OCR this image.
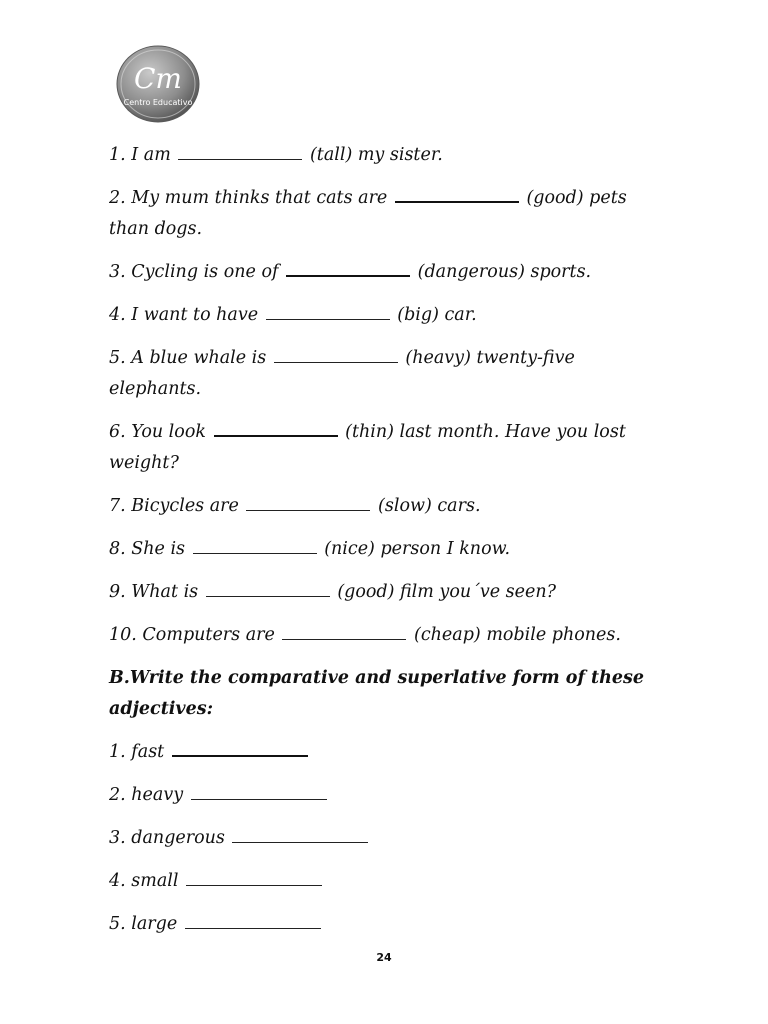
Cm
Centro Educativo
1. I am	(tall) my sister.
2. My mum thinks that cats are	(good) pets than dogs.
3. Cycling is one of	(dangerous) sports.
4. I want to have	(big) car.
5. A blue whale is	(heavy) twenty-five elephants.
6. You look	(thin) last month. Have you lost weight?
7. Bicycles are	(slow) cars.
8. She is	(nice) person I know.
9. What is	(good) film you´ve seen?
10. Computers are	(cheap) mobile phones.
B.Write the comparative and superlative form of these adjectives:
1. fast
2. heavy
3. dangerous
4. small
5. large
24
